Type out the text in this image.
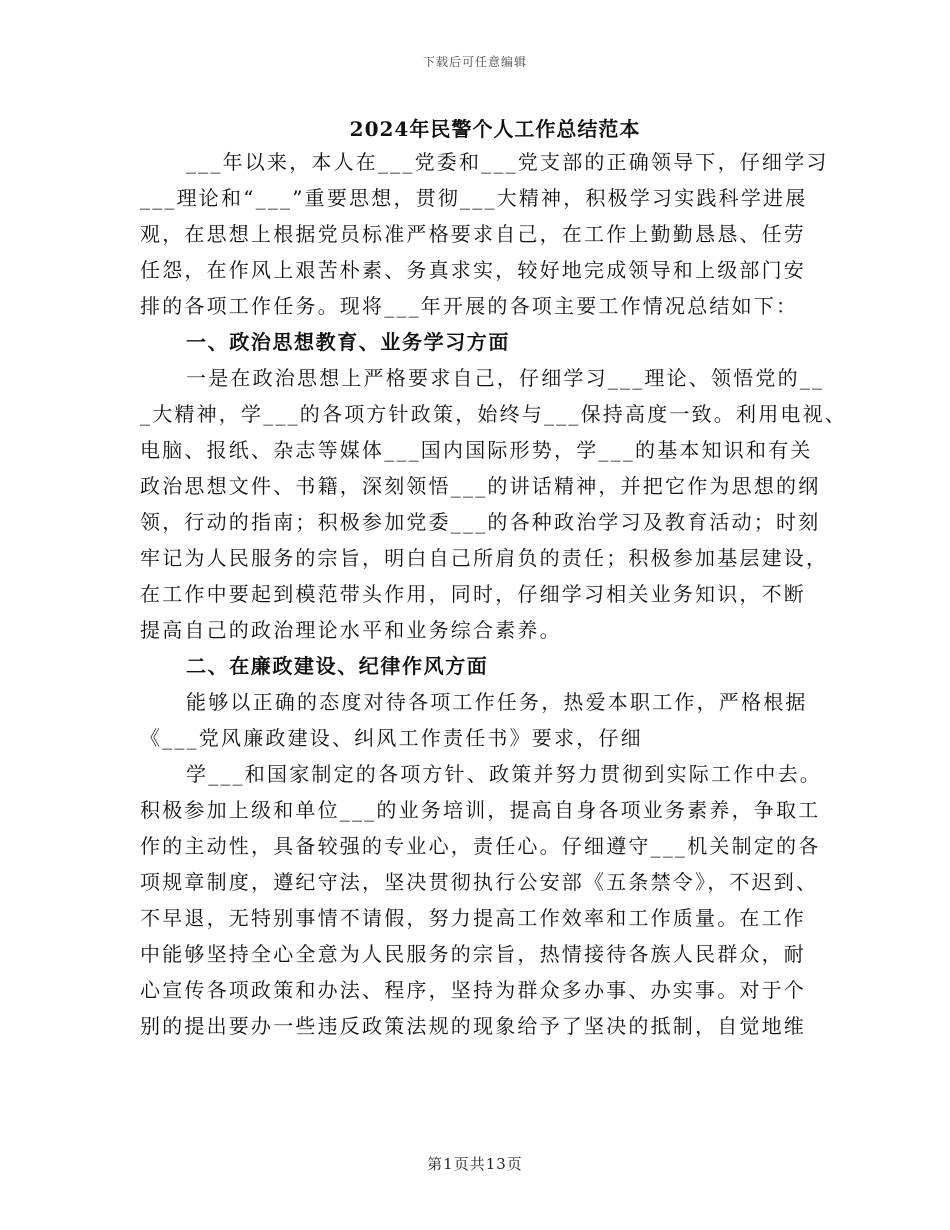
下载后可任意编辑
2024年民警个人工作总结范本
___年以来，本人在___党委和___党支部的正确领导下，仔细学习
___理论和“___”重要思想，贯彻___大精神，积极学习实践科学进展
观，在思想上根据党员标准严格要求自己，在工作上勤勤恳恳、任劳
任怨，在作风上艰苦朴素、务真求实，较好地完成领导和上级部门安
排的各项工作任务。现将___年开展的各项主要工作情况总结如下：
一、政治思想教育、业务学习方面
一是在政治思想上严格要求自己，仔细学习___理论、领悟党的__
_大精神，学___的各项方针政策，始终与___保持高度一致。利用电视、
电脑、报纸、杂志等媒体___国内国际形势，学___的基本知识和有关
政治思想文件、书籍，深刻领悟___的讲话精神，并把它作为思想的纲
领，行动的指南；积极参加党委___的各种政治学习及教育活动；时刻
牢记为人民服务的宗旨，明白自己所肩负的责任；积极参加基层建设，
在工作中要起到模范带头作用，同时，仔细学习相关业务知识，不断
提高自己的政治理论水平和业务综合素养。
二、在廉政建设、纪律作风方面
能够以正确的态度对待各项工作任务，热爱本职工作，严格根据
《___党风廉政建设、纠风工作责任书》要求，仔细
学___和国家制定的各项方针、政策并努力贯彻到实际工作中去。
积极参加上级和单位___的业务培训，提高自身各项业务素养，争取工
作的主动性，具备较强的专业心，责任心。仔细遵守___机关制定的各
项规章制度，遵纪守法，坚决贯彻执行公安部《五条禁令》，不迟到、
不早退，无特别事情不请假，努力提高工作效率和工作质量。在工作
中能够坚持全心全意为人民服务的宗旨，热情接待各族人民群众，耐
心宣传各项政策和办法、程序，坚持为群众多办事、办实事。对于个
别的提出要办一些违反政策法规的现象给予了坚决的抵制，自觉地维
第1页共13页
